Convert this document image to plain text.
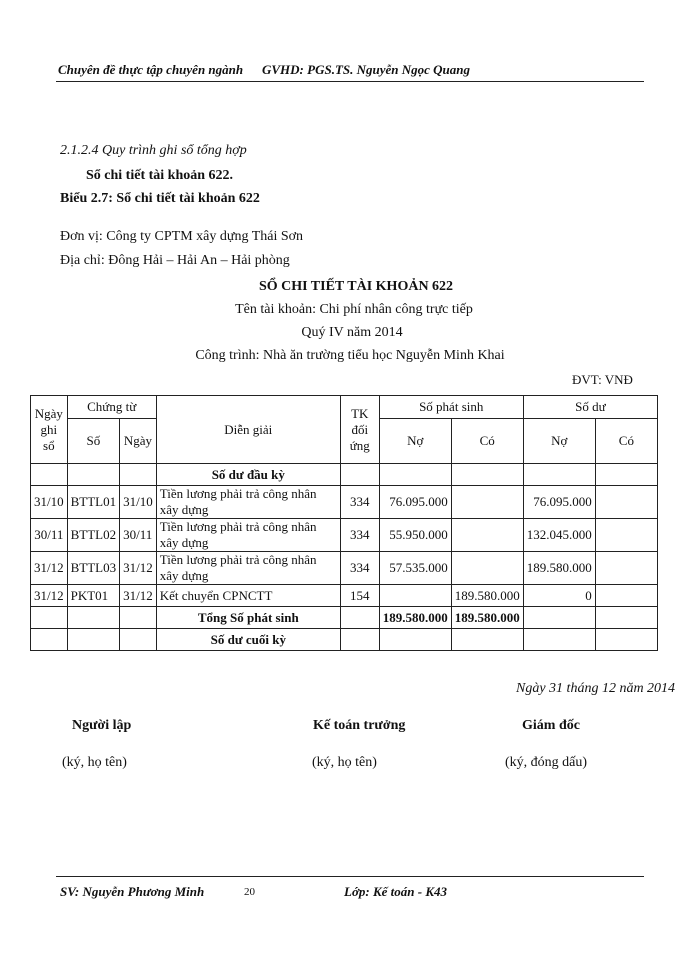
Chuyên đề thực tập chuyên ngành GVHD: PGS.TS. Nguyễn Ngọc Quang
2.1.2.4 Quy trình ghi sổ tổng hợp
Sổ chi tiết tài khoản 622.
Biểu 2.7: Sổ chi tiết tài khoản 622
Đơn vị: Công ty CPTM xây dựng Thái Sơn
Địa chỉ: Đông Hải – Hải An – Hải phòng
SỔ CHI TIẾT TÀI KHOẢN 622
Tên tài khoản: Chi phí nhân công trực tiếp
Quý IV năm 2014
Công trình: Nhà ăn trường tiểu học Nguyễn Minh Khai
ĐVT: VNĐ
Ngày ghi sổ	Chứng từ		Diễn giải	TK đối ứng	Số phát sinh		Số dư	
	Số	Ngày			Nợ	Có	Nợ	Có
			Số dư đầu kỳ					
31/10	BTTL01	31/10	Tiền lương phải trả công nhân xây dựng	334	76.095.000		76.095.000	
30/11	BTTL02	30/11	Tiền lương phải trả công nhân xây dựng	334	55.950.000		132.045.000	
31/12	BTTL03	31/12	Tiền lương phải trả công nhân xây dựng	334	57.535.000		189.580.000	
31/12	PKT01	31/12	Kết chuyển CPNCTT	154		189.580.000	0	
			Tổng Số phát sinh		189.580.000	189.580.000		
			Số dư cuối kỳ					
Ngày 31 tháng 12 năm 2014
Người lập	Kế toán trưởng	Giám đốc
(ký, họ tên)	(ký, họ tên)	(ký, đóng dấu)
SV: Nguyễn Phương Minh	20	Lớp: Kế toán - K43
